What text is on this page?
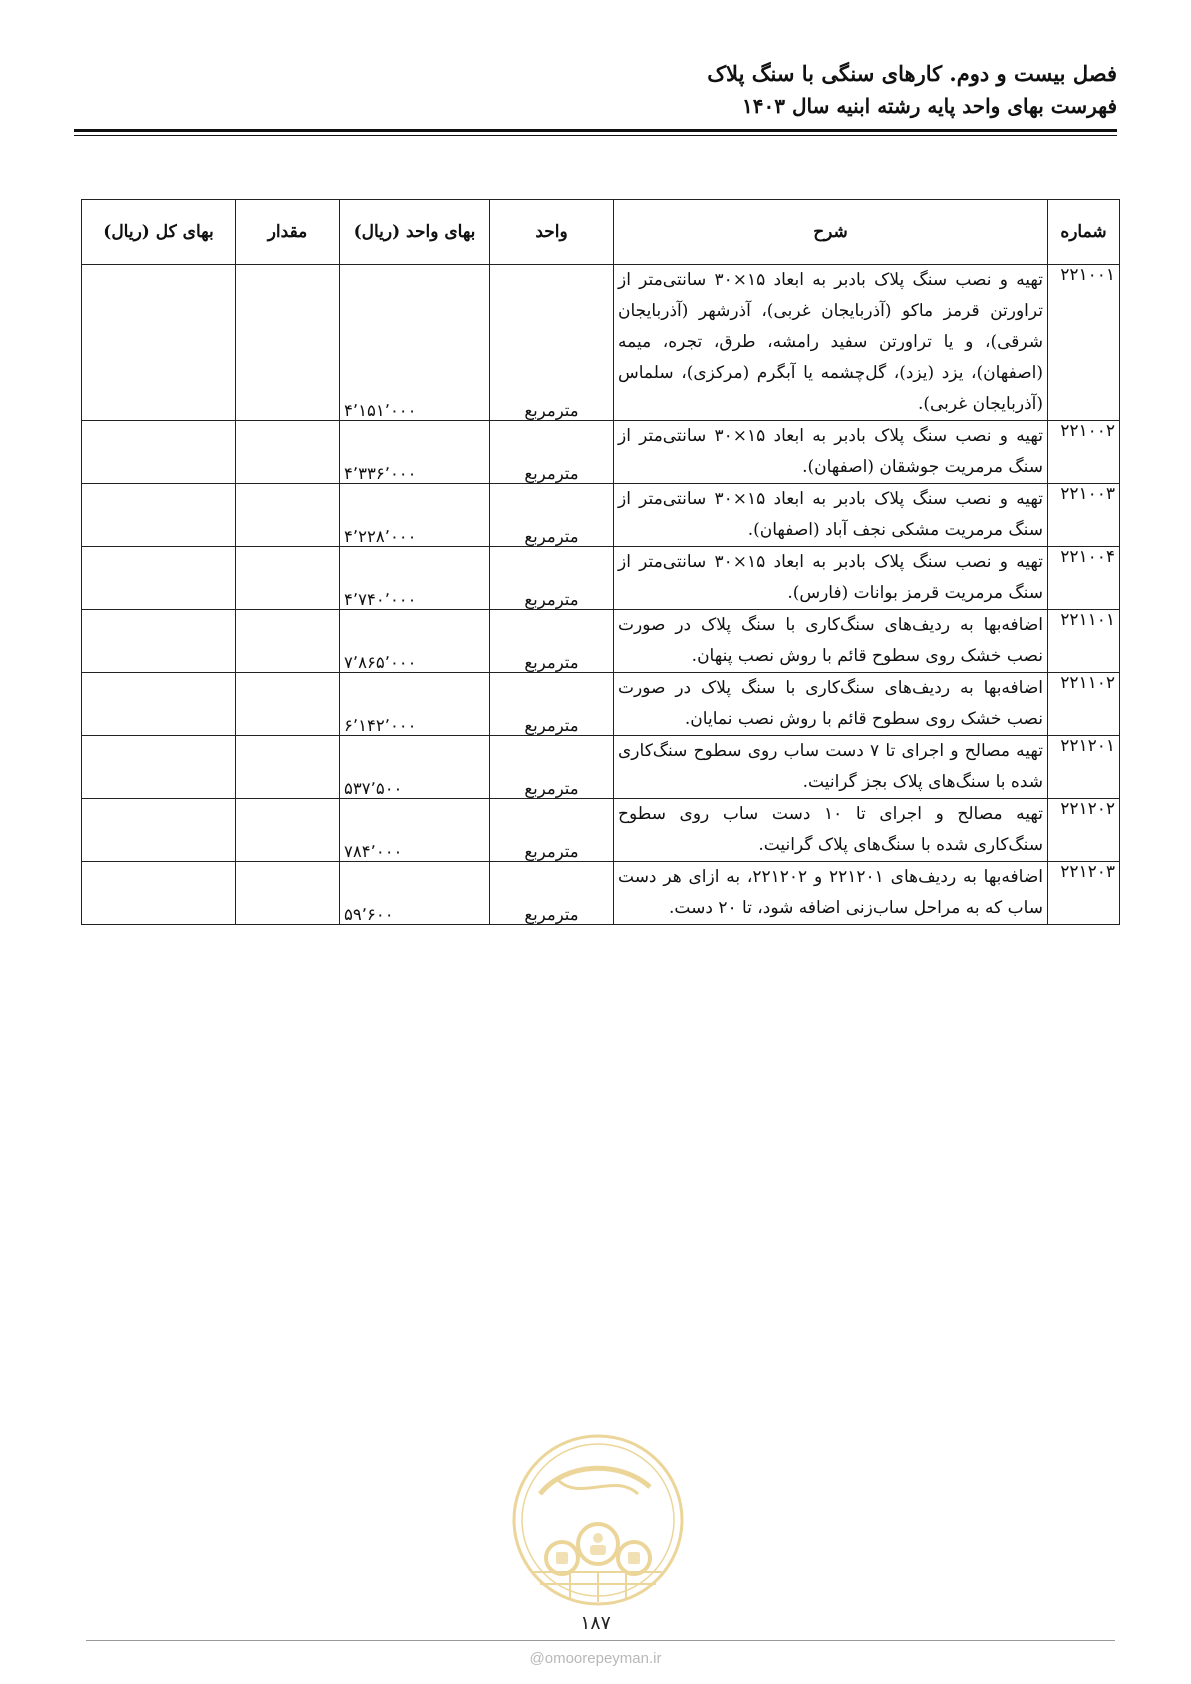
فصل بیست و دوم. کارهای سنگی با سنگ پلاک
فهرست بهای واحد پایه رشته ابنیه سال ۱۴۰۳
شماره	شرح	واحد	بهای واحد (ریال)	مقدار	بهای کل (ریال)
۲۲۱۰۰۱	تهیه و نصب سنگ پلاک بادبر به ابعاد ۱۵×۳۰ سانتی‌متر از تراورتن قرمز ماکو (آذربایجان غربی)، آذرشهر (آذربایجان شرقی)، و یا تراورتن سفید رامشه، طرق، تجره، میمه (اصفهان)، یزد (یزد)، گل‌چشمه یا آبگرم (مرکزی)، سلماس (آذربایجان غربی).	مترمربع	۴٬۱۵۱٬۰۰۰		
۲۲۱۰۰۲	تهیه و نصب سنگ پلاک بادبر به ابعاد ۱۵×۳۰ سانتی‌متر از سنگ مرمریت جوشقان (اصفهان).	مترمربع	۴٬۳۳۶٬۰۰۰		
۲۲۱۰۰۳	تهیه و نصب سنگ پلاک بادبر به ابعاد ۱۵×۳۰ سانتی‌متر از سنگ مرمریت مشکی نجف آباد (اصفهان).	مترمربع	۴٬۲۲۸٬۰۰۰		
۲۲۱۰۰۴	تهیه و نصب سنگ پلاک بادبر به ابعاد ۱۵×۳۰ سانتی‌متر از سنگ مرمریت قرمز بوانات (فارس).	مترمربع	۴٬۷۴۰٬۰۰۰		
۲۲۱۱۰۱	اضافه‌بها به ردیف‌های سنگ‌کاری با سنگ پلاک در صورت نصب خشک روی سطوح قائم با روش نصب پنهان.	مترمربع	۷٬۸۶۵٬۰۰۰		
۲۲۱۱۰۲	اضافه‌بها به ردیف‌های سنگ‌کاری با سنگ پلاک در صورت نصب خشک روی سطوح قائم با روش نصب نمایان.	مترمربع	۶٬۱۴۲٬۰۰۰		
۲۲۱۲۰۱	تهیه مصالح و اجرای تا ۷ دست ساب روی سطوح سنگ‌کاری شده با سنگ‌های پلاک بجز گرانیت.	مترمربع	۵۳۷٬۵۰۰		
۲۲۱۲۰۲	تهیه مصالح و اجرای تا ۱۰ دست ساب روی سطوح سنگ‌کاری شده با سنگ‌های پلاک گرانیت.	مترمربع	۷۸۴٬۰۰۰		
۲۲۱۲۰۳	اضافه‌بها به ردیف‌های ۲۲۱۲۰۱ و ۲۲۱۲۰۲، به ازای هر دست ساب که به مراحل ساب‌زنی اضافه شود، تا ۲۰ دست.	مترمربع	۵۹٬۶۰۰		
۱۸۷
@omoorepeyman.ir
